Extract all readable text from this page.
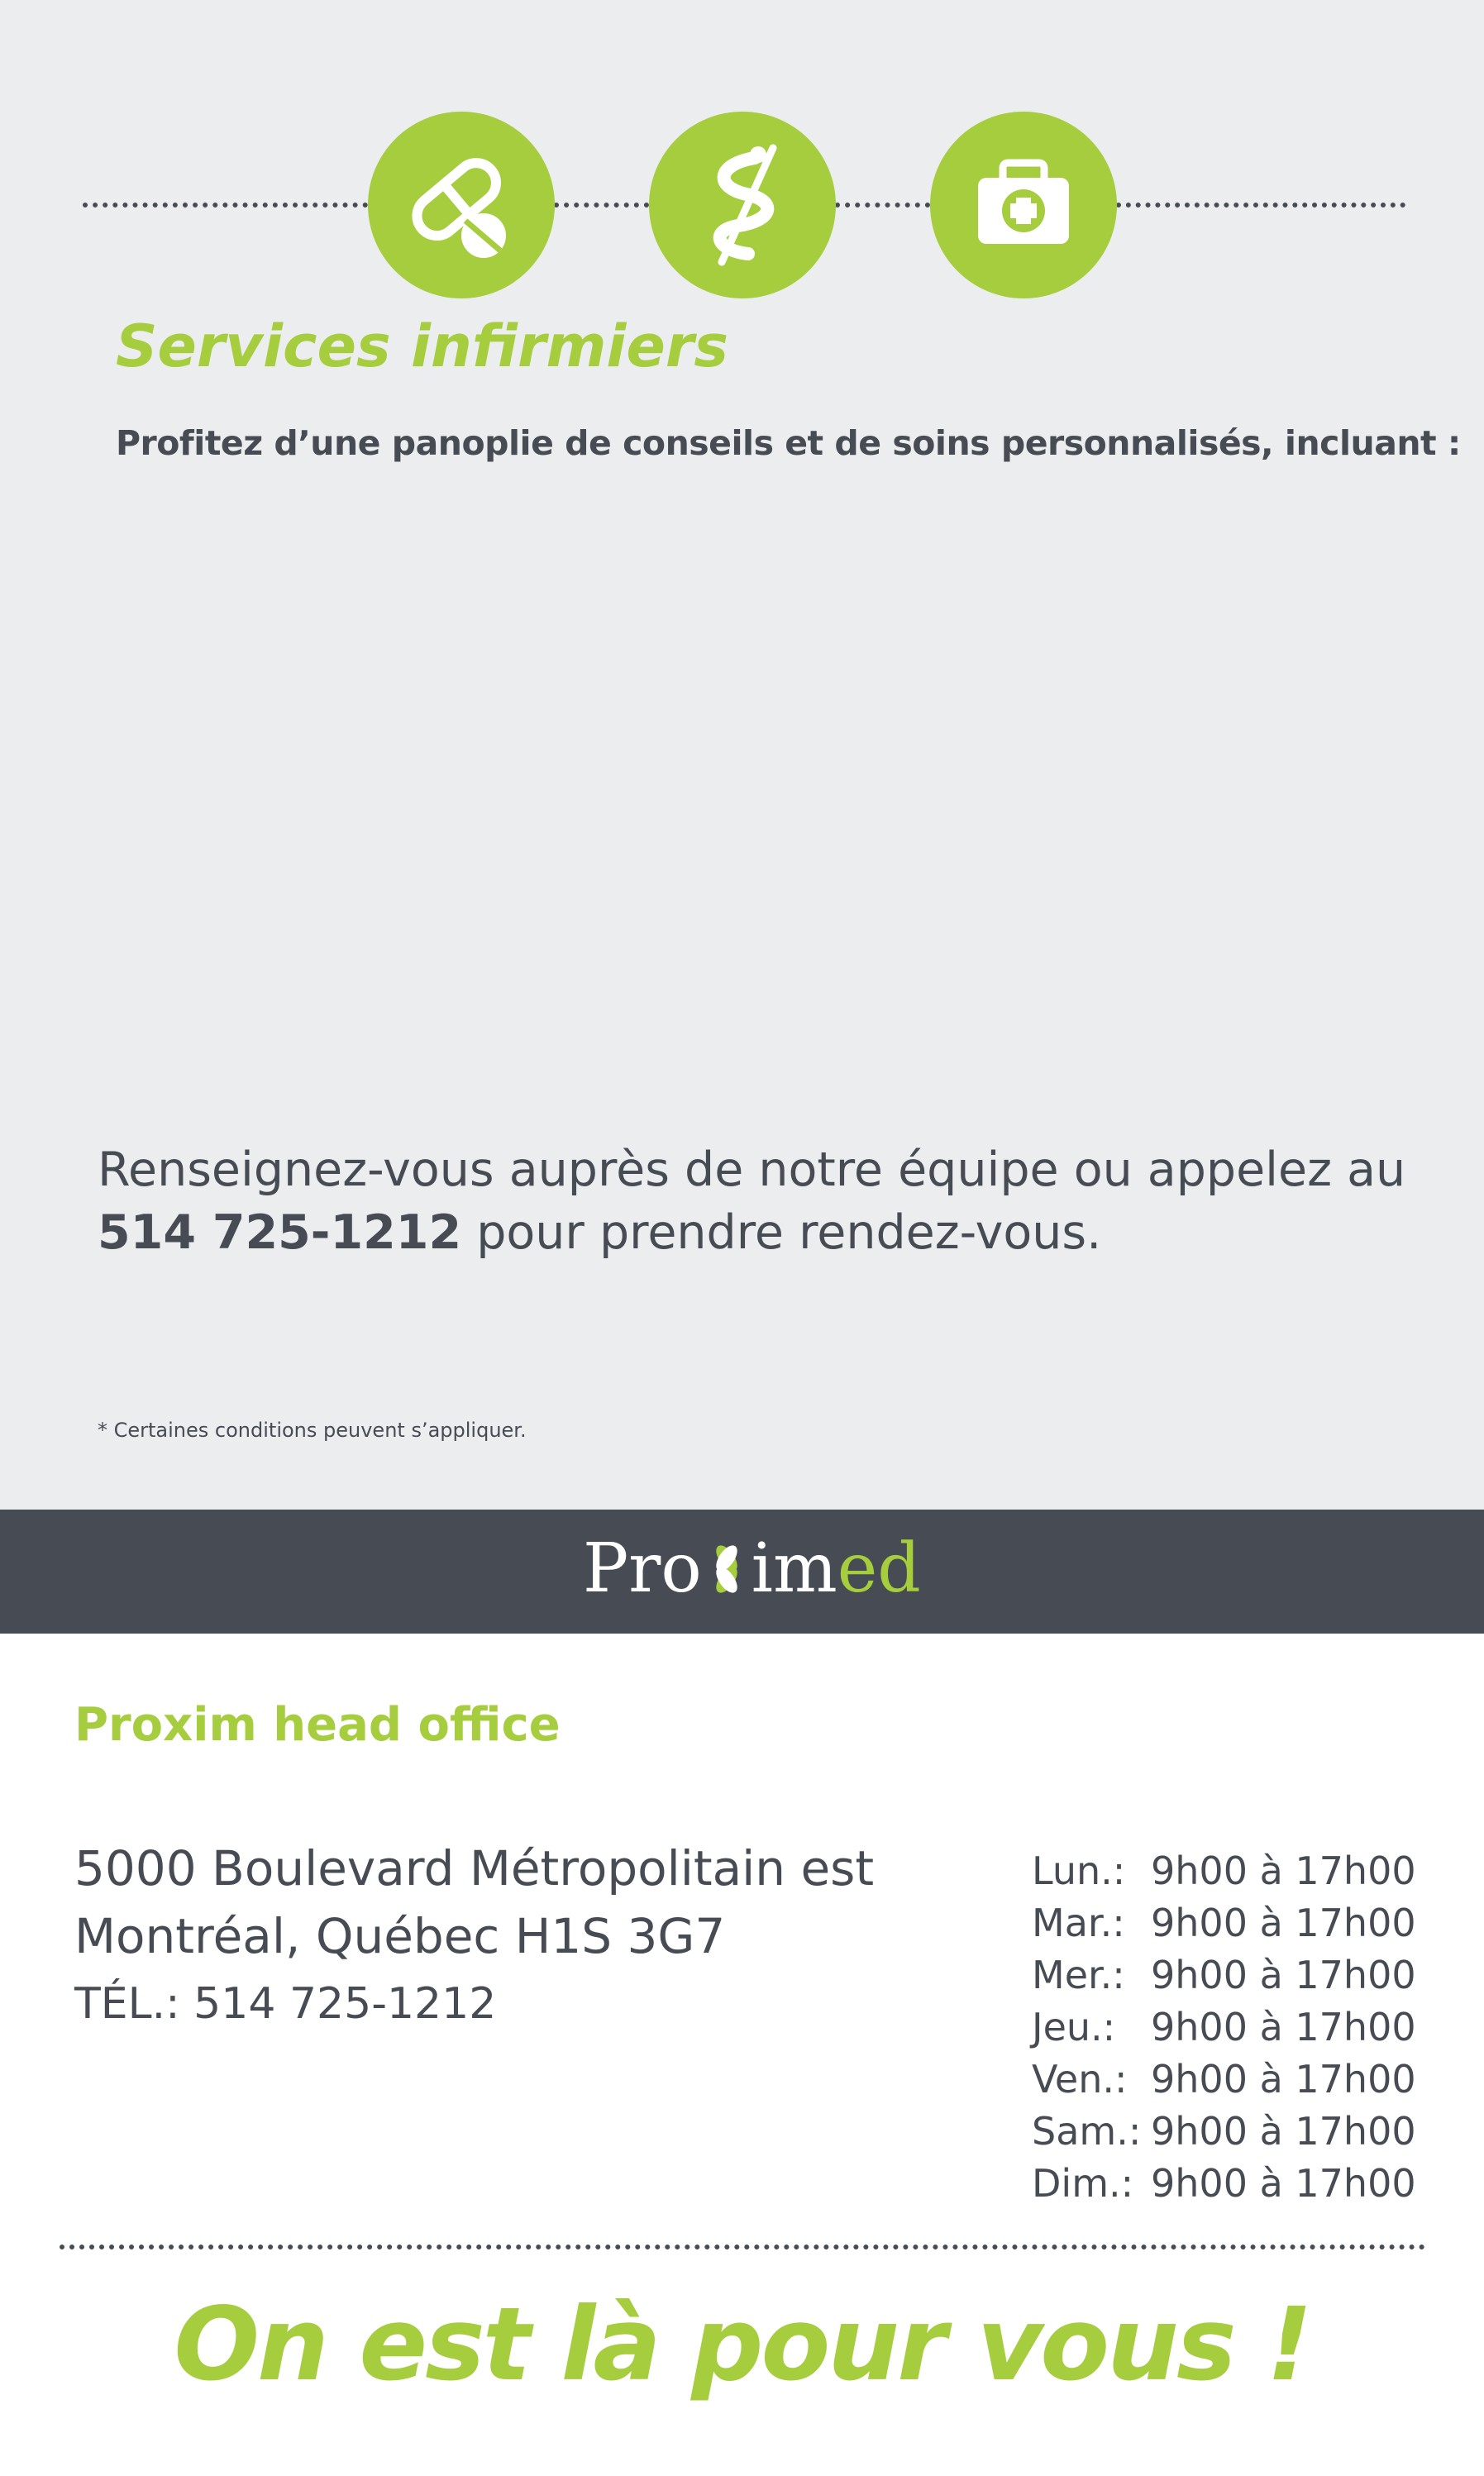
Services infirmiers
Profitez d’une panoplie de conseils et de soins personnalisés, incluant :
Renseignez-vous auprès de notre équipe ou appelez au
514 725-1212 pour prendre rendez-vous.
* Certaines conditions peuvent s’appliquer.
Pro imed
Proxim head office
5000 Boulevard Métropolitain est
Montréal, Québec H1S 3G7
TÉL.: 514 725-1212
Lun.: 9h00 à 17h00
Mar.: 9h00 à 17h00
Mer.: 9h00 à 17h00
Jeu.: 9h00 à 17h00
Ven.: 9h00 à 17h00
Sam.: 9h00 à 17h00
Dim.: 9h00 à 17h00
On est là pour vous !
